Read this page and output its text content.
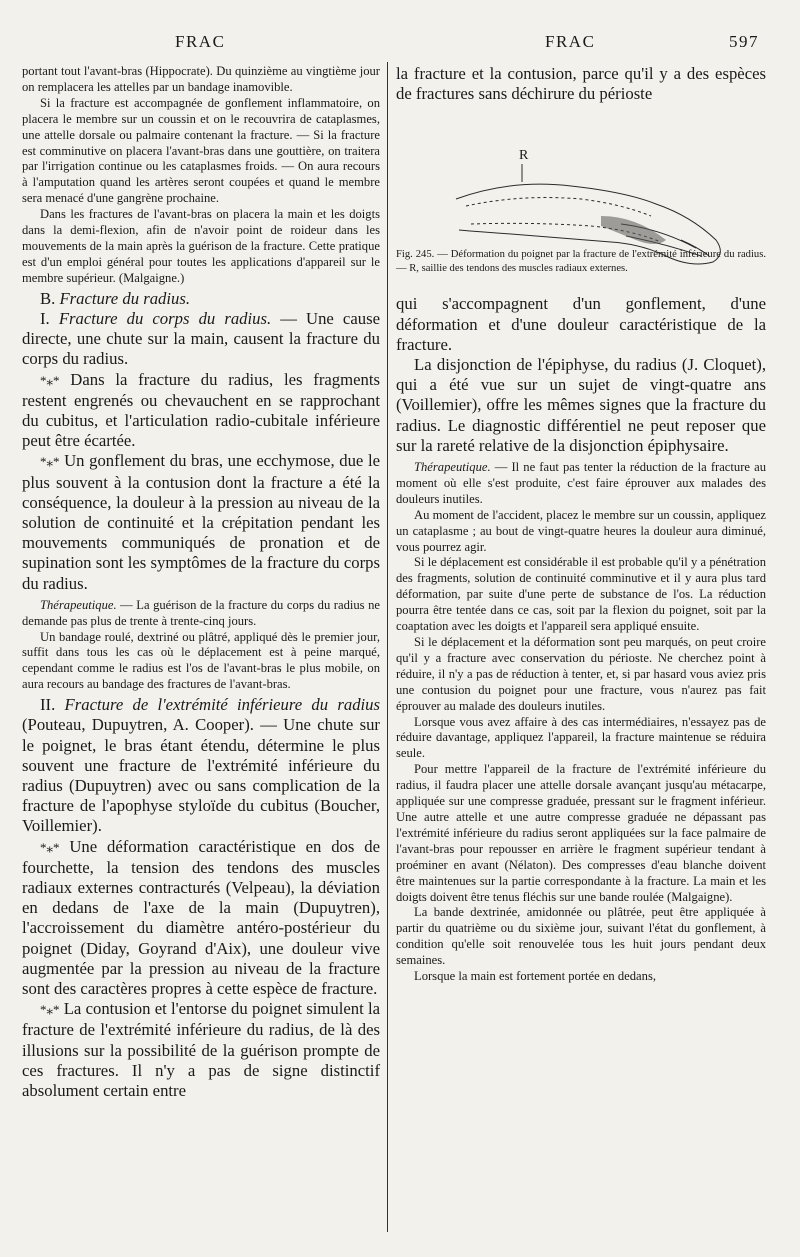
FRAC	FRAC	597

portant tout l'avant-bras (Hippocrate). Du quinzième au vingtième jour on remplacera les attelles par un bandage inamovible.

Si la fracture est accompagnée de gonflement inflammatoire, on placera le membre sur un coussin et on le recouvrira de cataplasmes, une attelle dorsale ou palmaire contenant la fracture. — Si la fracture est comminutive on placera l'avant-bras dans une gouttière, on traitera par l'irrigation continue ou les cataplasmes froids. — On aura recours à l'amputation quand les artères seront coupées et quand le membre sera menacé d'une gangrène prochaine.

Dans les fractures de l'avant-bras on placera la main et les doigts dans la demi-flexion, afin de n'avoir point de roideur dans les mouvements de la main après la guérison de la fracture. Cette pratique est d'un emploi général pour toutes les applications d'appareil sur le membre supérieur. (Malgaigne.)

B. Fracture du radius.

I. Fracture du corps du radius. — Une cause directe, une chute sur la main, causent la fracture du corps du radius.

*⁎* Dans la fracture du radius, les fragments restent engrenés ou chevauchent en se rapprochant du cubitus, et l'articulation radio-cubitale inférieure peut être écartée.

*⁎* Un gonflement du bras, une ecchymose, due le plus souvent à la contusion dont la fracture a été la conséquence, la douleur à la pression au niveau de la solution de continuité et la crépitation pendant les mouvements communiqués de pronation et de supination sont les symptômes de la fracture du corps du radius.

Thérapeutique. — La guérison de la fracture du corps du radius ne demande pas plus de trente à trente-cinq jours.

Un bandage roulé, dextriné ou plâtré, appliqué dès le premier jour, suffit dans tous les cas où le déplacement est à peine marqué, cependant comme le radius est l'os de l'avant-bras le plus mobile, on aura recours au bandage des fractures de l'avant-bras.

II. Fracture de l'extrémité inférieure du radius (Pouteau, Dupuytren, A. Cooper). — Une chute sur le poignet, le bras étant étendu, détermine le plus souvent une fracture de l'extrémité inférieure du radius (Dupuytren) avec ou sans complication de la fracture de l'apophyse styloïde du cubitus (Boucher, Voillemier).

*⁎* Une déformation caractéristique en dos de fourchette, la tension des tendons des muscles radiaux externes contracturés (Velpeau), la déviation en dedans de l'axe de la main (Dupuytren), l'accroissement du diamètre antéro-postérieur du poignet (Diday, Goyrand d'Aix), une douleur vive augmentée par la pression au niveau de la fracture sont des caractères propres à cette espèce de fracture.

*⁎* La contusion et l'entorse du poignet simulent la fracture de l'extrémité inférieure du radius, de là des illusions sur la possibilité de la guérison prompte de ces fractures. Il n'y a pas de signe distinctif absolument certain entre

la fracture et la contusion, parce qu'il y a des espèces de fractures sans déchirure du périoste

R
Fig. 245. — Déformation du poignet par la fracture de l'extrémité inférieure du radius. — R, saillie des tendons des muscles radiaux externes.

qui s'accompagnent d'un gonflement, d'une déformation et d'une douleur caractéristique de la fracture.

La disjonction de l'épiphyse, du radius (J. Cloquet), qui a été vue sur un sujet de vingt-quatre ans (Voillemier), offre les mêmes signes que la fracture du radius. Le diagnostic différentiel ne peut reposer que sur la rareté relative de la disjonction épiphysaire.

Thérapeutique. — Il ne faut pas tenter la réduction de la fracture au moment où elle s'est produite, c'est faire éprouver aux malades des douleurs inutiles.

Au moment de l'accident, placez le membre sur un coussin, appliquez un cataplasme ; au bout de vingt-quatre heures la douleur aura diminué, vous pourrez agir.

Si le déplacement est considérable il est probable qu'il y a pénétration des fragments, solution de continuité comminutive et il y aura plus tard déformation, par suite d'une perte de substance de l'os. La réduction pourra être tentée dans ce cas, soit par la flexion du poignet, soit par la coaptation avec les doigts et l'appareil sera appliqué ensuite.

Si le déplacement et la déformation sont peu marqués, on peut croire qu'il y a fracture avec conservation du périoste. Ne cherchez point à réduire, il n'y a pas de réduction à tenter, et, si par hasard vous aviez pris une contusion du poignet pour une fracture, vous n'aurez pas fait éprouver au malade des douleurs inutiles.

Lorsque vous avez affaire à des cas intermédiaires, n'essayez pas de réduire davantage, appliquez l'appareil, la fracture maintenue se réduira seule.

Pour mettre l'appareil de la fracture de l'extrémité inférieure du radius, il faudra placer une attelle dorsale avançant jusqu'au métacarpe, appliquée sur une compresse graduée, pressant sur le fragment inférieur. Une autre attelle et une autre compresse graduée ne dépassant pas l'extrémité inférieure du radius seront appliquées sur la face palmaire de l'avant-bras pour repousser en arrière le fragment supérieur tendant à proéminer en avant (Nélaton). Des compresses d'eau blanche doivent être maintenues sur la partie correspondante à la fracture. La main et les doigts doivent être tenus fléchis sur une bande roulée (Malgaigne).

La bande dextrinée, amidonnée ou plâtrée, peut être appliquée à partir du quatrième ou du sixième jour, suivant l'état du gonflement, à condition qu'elle soit renouvelée tous les huit jours pendant deux semaines.

Lorsque la main est fortement portée en dedans,
